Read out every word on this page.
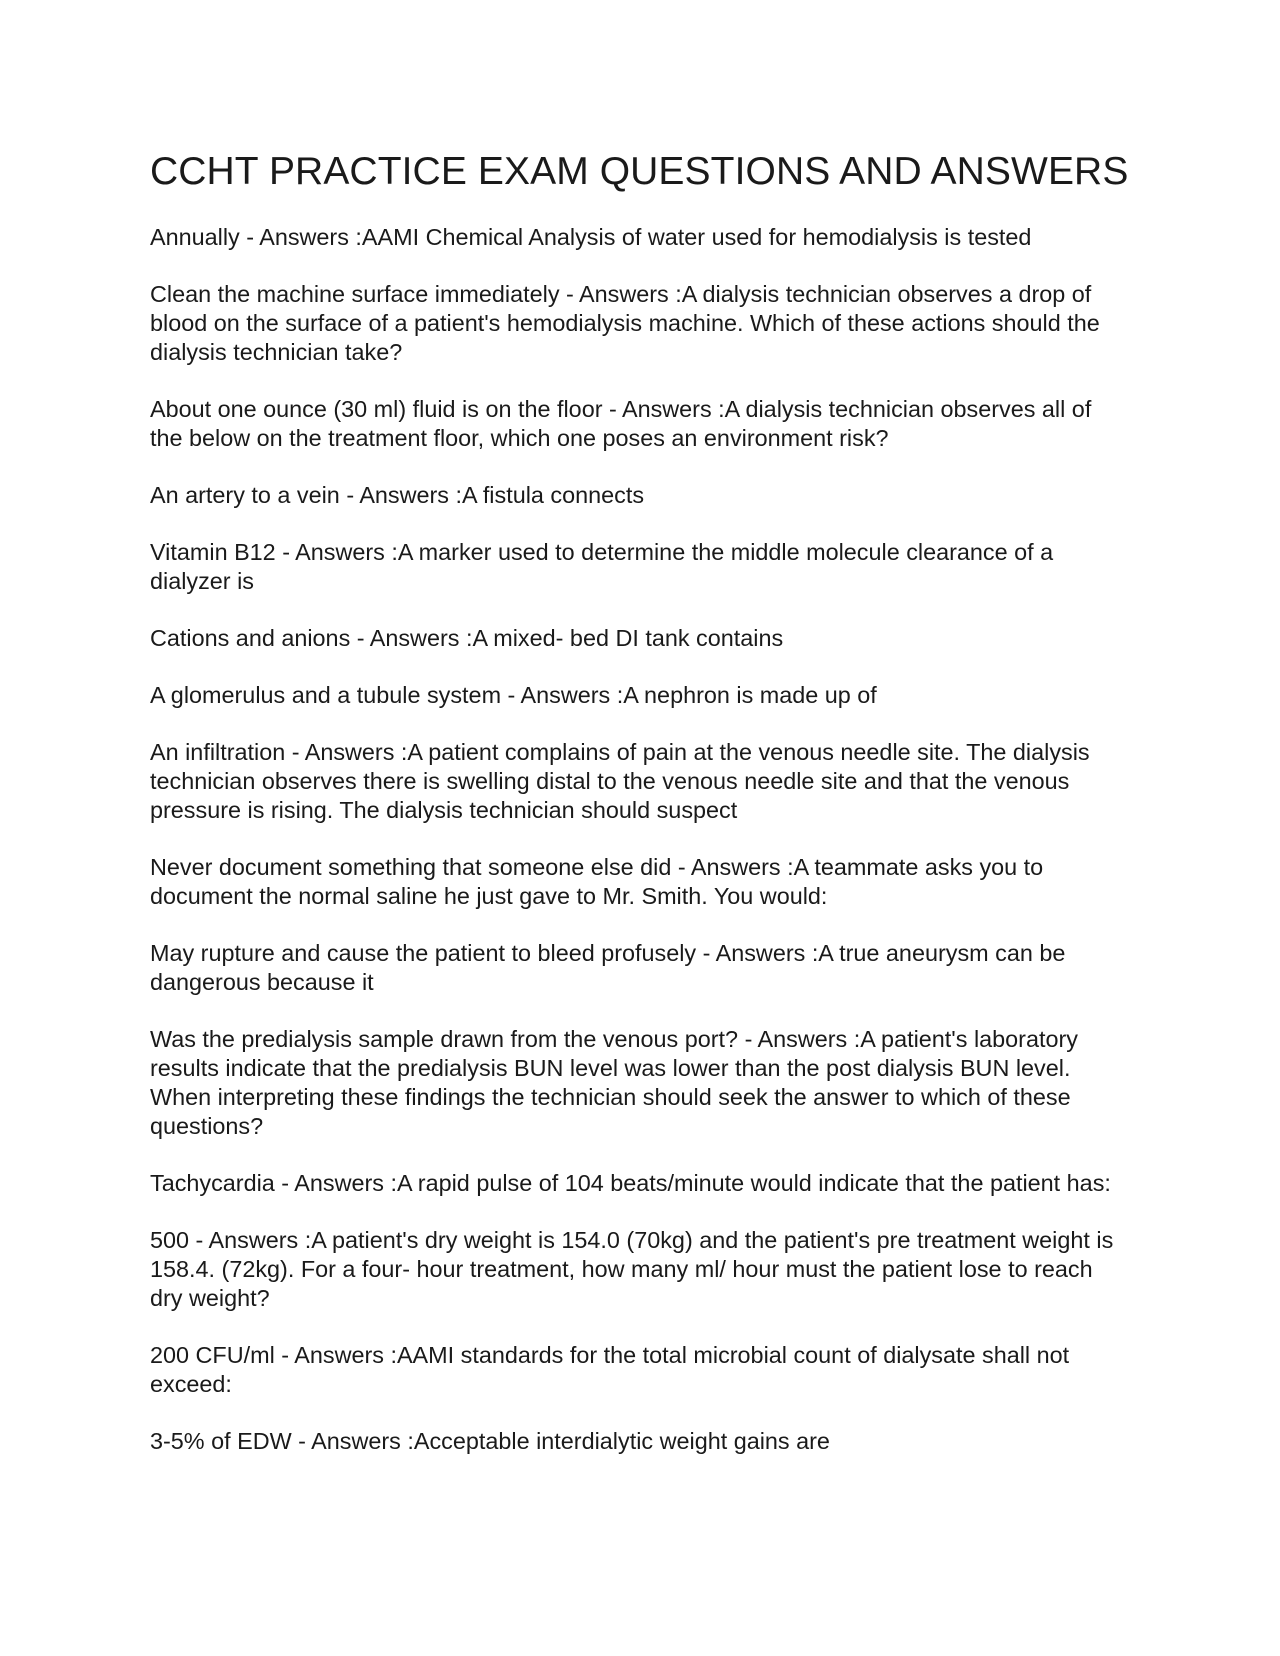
CCHT PRACTICE EXAM QUESTIONS AND ANSWERS
Annually - Answers :AAMI Chemical Analysis of water used for hemodialysis is tested
Clean the machine surface immediately - Answers :A dialysis technician observes a drop of blood on the surface of a patient's hemodialysis machine. Which of these actions should the dialysis technician take?
About one ounce (30 ml) fluid is on the floor - Answers :A dialysis technician observes all of the below on the treatment floor, which one poses an environment risk?
An artery to a vein - Answers :A fistula connects
Vitamin B12 - Answers :A marker used to determine the middle molecule clearance of a dialyzer is
Cations and anions - Answers :A mixed- bed DI tank contains
A glomerulus and a tubule system - Answers :A nephron is made up of
An infiltration - Answers :A patient complains of pain at the venous needle site. The dialysis technician observes there is swelling distal to the venous needle site and that the venous pressure is rising. The dialysis technician should suspect
Never document something that someone else did - Answers :A teammate asks you to document the normal saline he just gave to Mr. Smith. You would:
May rupture and cause the patient to bleed profusely - Answers :A true aneurysm can be dangerous because it
Was the predialysis sample drawn from the venous port? - Answers :A patient's laboratory results indicate that the predialysis BUN level was lower than the post dialysis BUN level. When interpreting these findings the technician should seek the answer to which of these questions?
Tachycardia - Answers :A rapid pulse of 104 beats/minute would indicate that the patient has:
500 - Answers :A patient's dry weight is 154.0 (70kg) and the patient's pre treatment weight is 158.4. (72kg). For a four- hour treatment, how many ml/ hour must the patient lose to reach dry weight?
200 CFU/ml - Answers :AAMI standards for the total microbial count of dialysate shall not exceed:
3-5% of EDW - Answers :Acceptable interdialytic weight gains are
